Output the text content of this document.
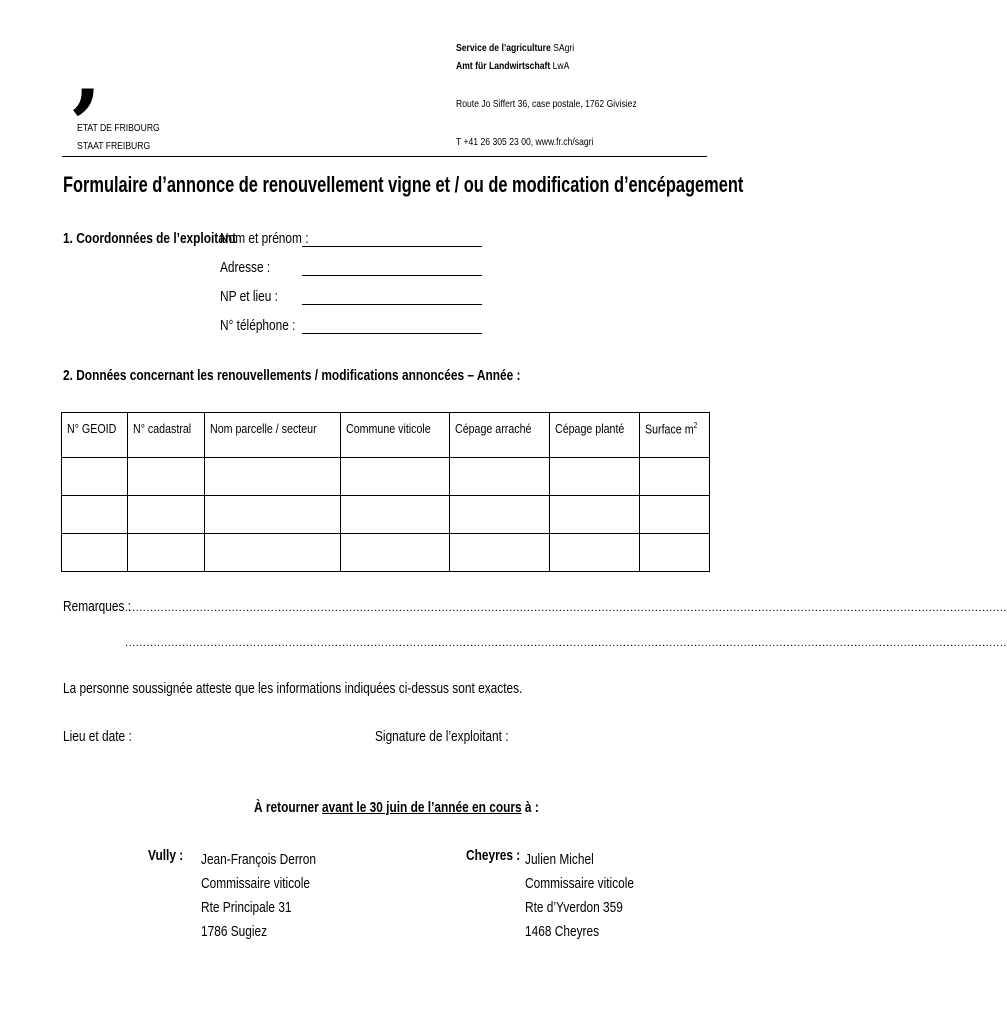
,
ETAT DE FRIBOURG
STAAT FREIBURG
Service de l’agriculture SAgri
Amt für Landwirtschaft LwA
Route Jo Siffert 36, case postale, 1762 Givisiez
T +41 26 305 23 00, www.fr.ch/sagri
Formulaire d’annonce de renouvellement vigne et / ou de modification d’encépagement
1. Coordonnées de l’exploitant
Nom et prénom :
Adresse :
NP et lieu :
N° téléphone :
2. Données concernant les renouvellements / modifications annoncées – Année :
N° GEOID	N° cadastral	Nom parcelle / secteur	Commune viticole	Cépage arraché	Cépage planté	Surface $m^2$

Remarques :
........................................................................................................................................................................................................................................................
........................................................................................................................................................................................................................................................
La personne soussignée atteste que les informations indiquées ci-dessus sont exactes.
Lieu et date :	Signature de l’exploitant :
À retourner avant le 30 juin de l’année en cours à :
Vully :	Jean-François Derron
Commissaire viticole
Rte Principale 31
1786 Sugiez
Cheyres : Julien Michel
Commissaire viticole
Rte d’Yverdon 359
1468 Cheyres
